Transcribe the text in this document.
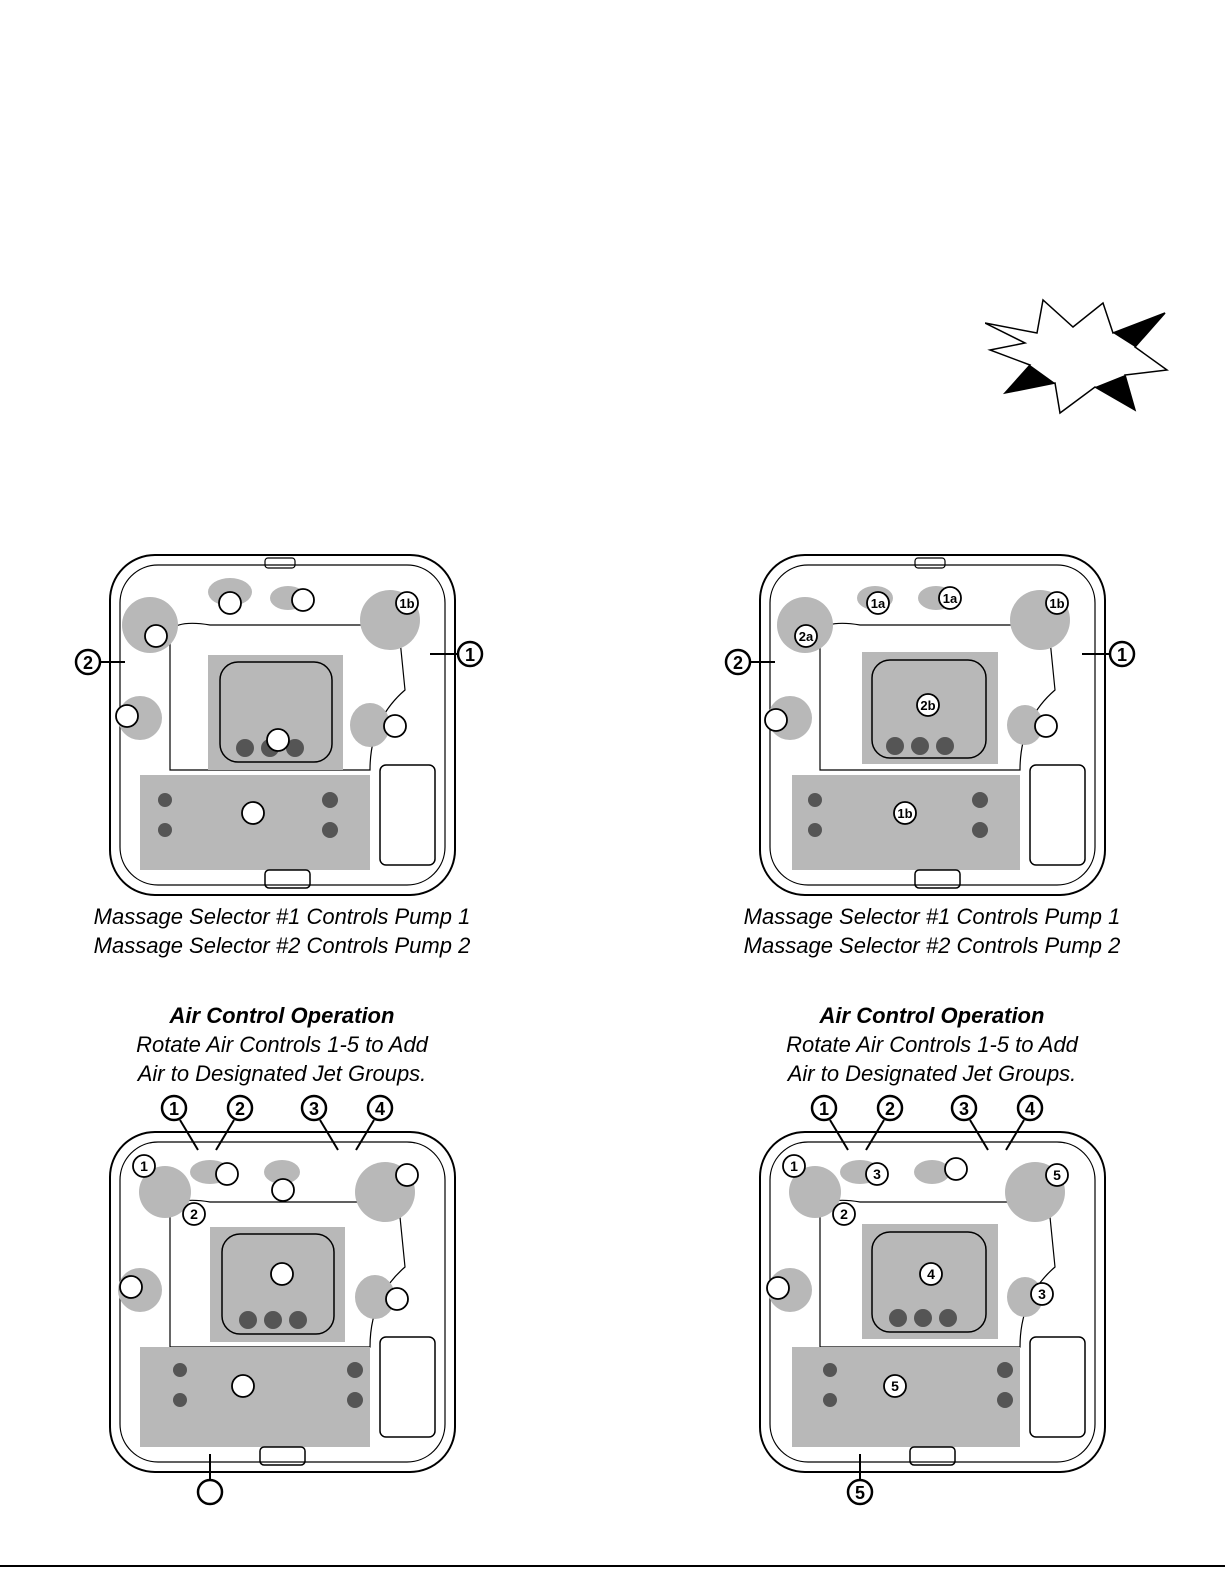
2	1
1b
Massage Selector #1 Controls Pump 1
Massage Selector #2 Controls Pump 2
2	1
1a	1a
2a
1b
2b
1b
Massage Selector #1 Controls Pump 1
Massage Selector #2 Controls Pump 2
Air Control Operation
Rotate Air Controls 1-5 to Add
Air to Designated Jet Groups.
Air Control Operation
Rotate Air Controls 1-5 to Add
Air to Designated Jet Groups.
1	2	3	4
1
2
1	2	3	4
1	3	5
2
4
3
5
5
